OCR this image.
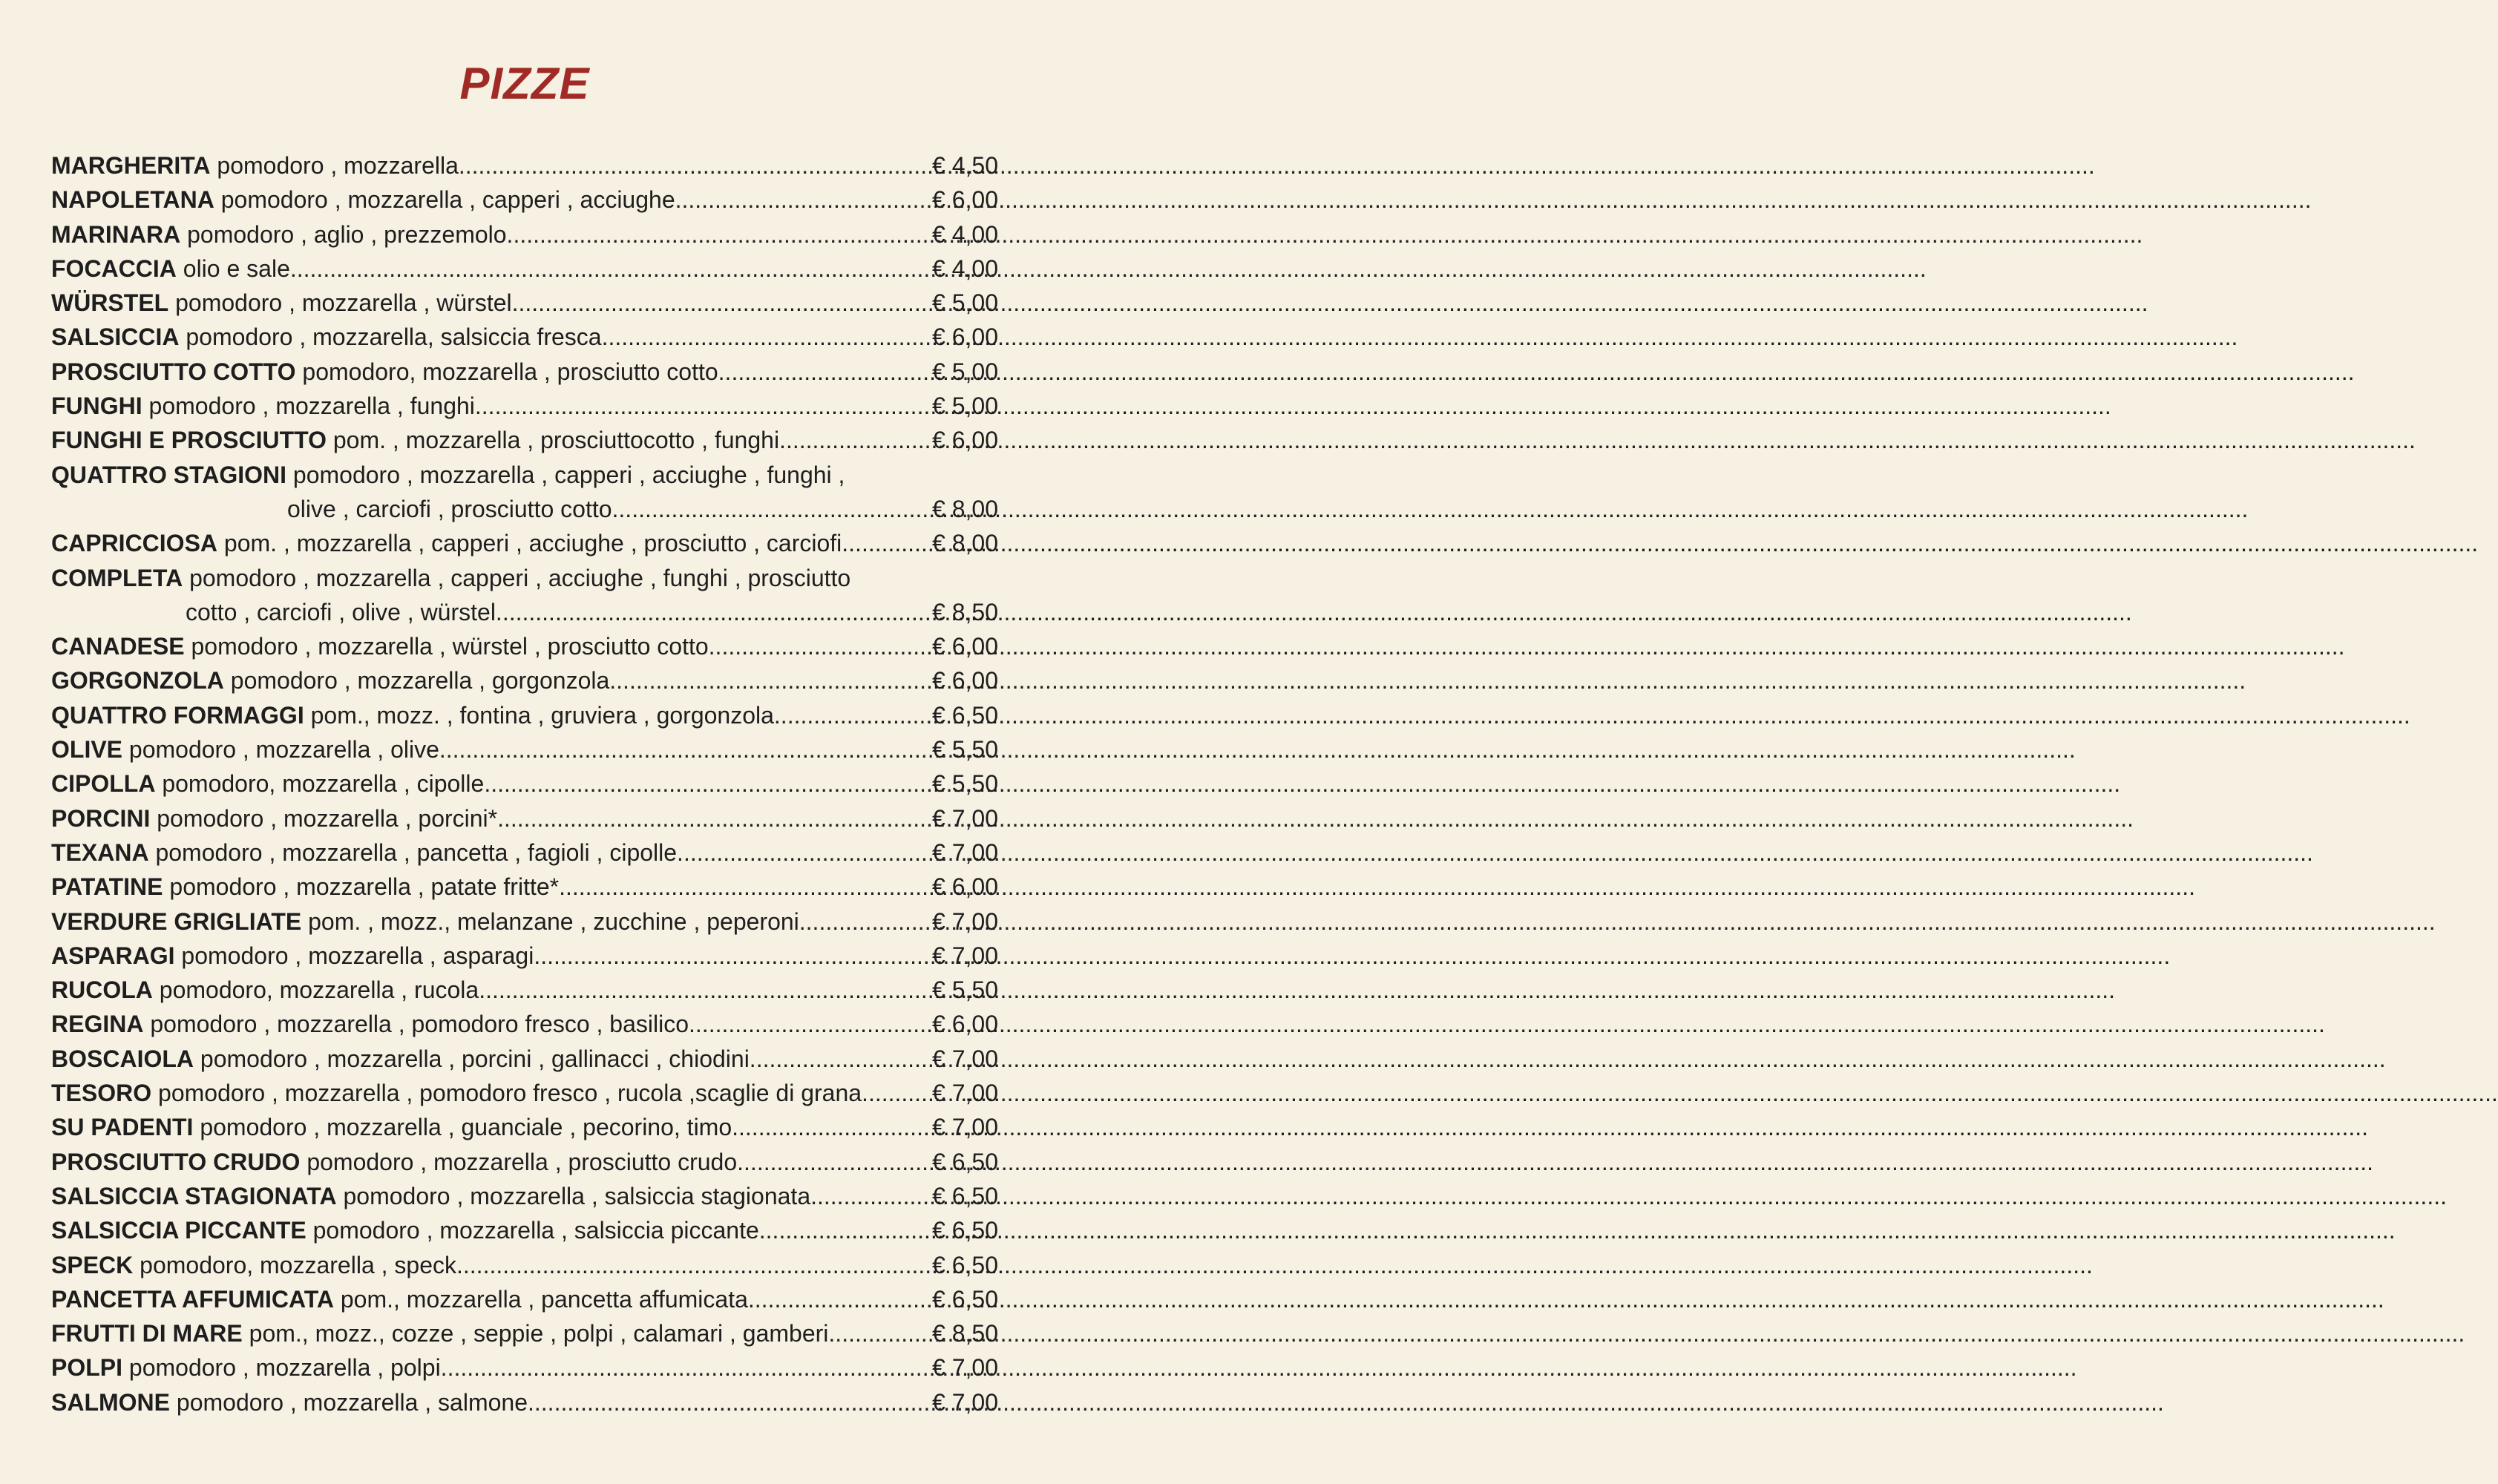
PIZZE
MARGHERITA pomodoro , mozzarella .....	€ 4,50
NAPOLETANA pomodoro , mozzarella , capperi , acciughe .....	€ 6,00
MARINARA pomodoro , aglio , prezzemolo .....	€ 4,00
FOCACCIA olio e sale .....	€ 4,00
WÜRSTEL pomodoro , mozzarella , würstel .....	€ 5,00
SALSICCIA pomodoro , mozzarella, salsiccia fresca .....	€ 6,00
PROSCIUTTO COTTO pomodoro, mozzarella , prosciutto cotto .....	€ 5,00
FUNGHI pomodoro , mozzarella , funghi .....	€ 5,00
FUNGHI E PROSCIUTTO pom. , mozzarella , prosciuttocotto , funghi .....	€ 6,00
QUATTRO STAGIONI pomodoro , mozzarella , capperi , acciughe , funghi ,
olive , carciofi , prosciutto cotto .....	€ 8,00
CAPRICCIOSA pom. , mozzarella , capperi , acciughe , prosciutto , carciofi .....	€ 8,00
COMPLETA pomodoro , mozzarella , capperi , acciughe , funghi , prosciutto
cotto , carciofi , olive , würstel .....	€ 8,50
CANADESE pomodoro , mozzarella , würstel , prosciutto cotto .....	€ 6,00
GORGONZOLA pomodoro , mozzarella , gorgonzola .....	€ 6,00
QUATTRO FORMAGGI pom., mozz. , fontina , gruviera , gorgonzola .....	€ 6,50
OLIVE pomodoro , mozzarella , olive .....	€ 5,50
CIPOLLA pomodoro, mozzarella , cipolle .....	€ 5,50
PORCINI pomodoro , mozzarella , porcini* .....	€ 7,00
TEXANA pomodoro , mozzarella , pancetta , fagioli , cipolle .....	€ 7,00
PATATINE pomodoro , mozzarella , patate fritte* .....	€ 6,00
VERDURE GRIGLIATE pom. , mozz., melanzane , zucchine , peperoni .....	€ 7,00
ASPARAGI pomodoro , mozzarella , asparagi .....	€ 7,00
RUCOLA pomodoro, mozzarella , rucola .....	€ 5,50
REGINA pomodoro , mozzarella , pomodoro fresco , basilico .....	€ 6,00
BOSCAIOLA pomodoro , mozzarella , porcini , gallinacci , chiodini .....	€ 7,00
TESORO pomodoro , mozzarella , pomodoro fresco , rucola ,scaglie di grana .....	€ 7,00
SU PADENTI pomodoro , mozzarella , guanciale , pecorino, timo .....	€ 7,00
PROSCIUTTO CRUDO pomodoro , mozzarella , prosciutto crudo .....	€ 6,50
SALSICCIA STAGIONATA pomodoro , mozzarella , salsiccia stagionata .....	€ 6,50
SALSICCIA PICCANTE pomodoro , mozzarella , salsiccia piccante .....	€ 6,50
SPECK pomodoro, mozzarella , speck .....	€ 6,50
PANCETTA AFFUMICATA pom., mozzarella , pancetta affumicata .....	€ 6,50
FRUTTI DI MARE pom., mozz., cozze , seppie , polpi , calamari , gamberi .....	€ 8,50
POLPI pomodoro , mozzarella , polpi .....	€ 7,00
SALMONE pomodoro , mozzarella , salmone .....	€ 7,00
